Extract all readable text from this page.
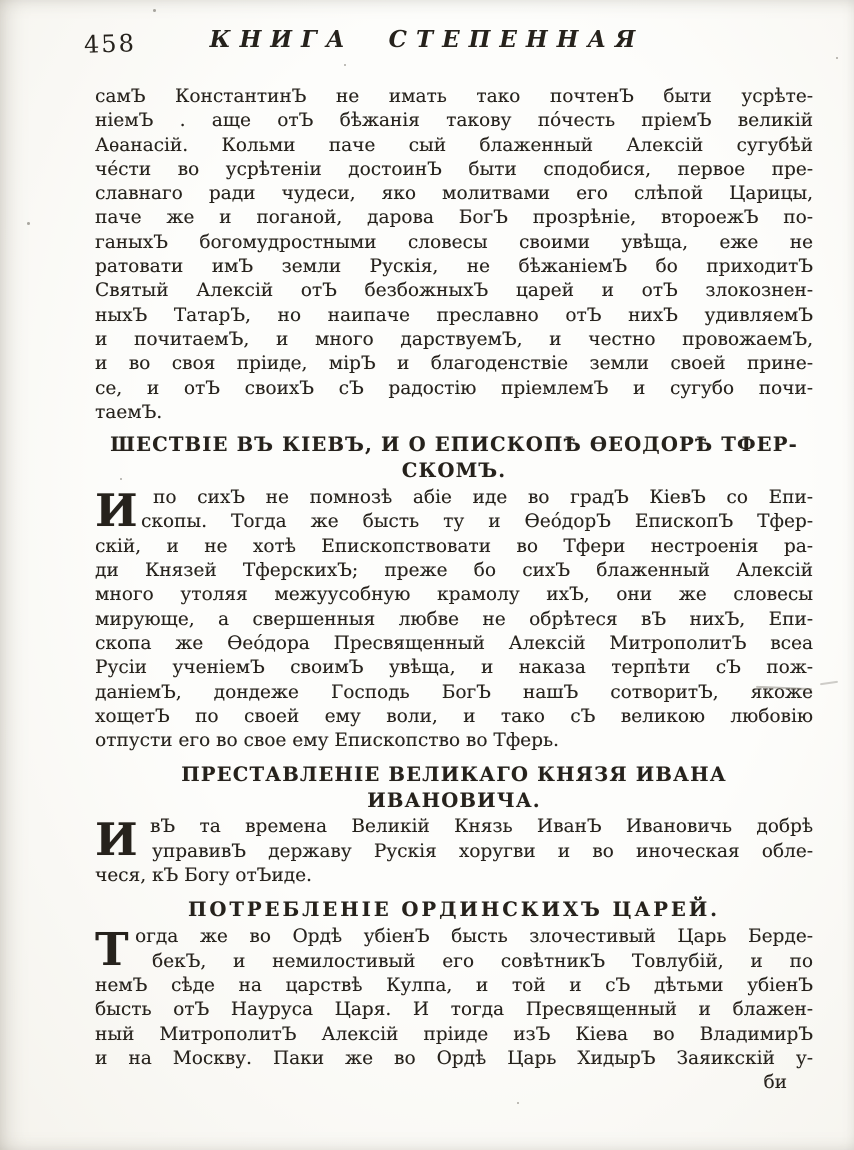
458	КНИГА СТЕПЕННАЯ
самЪ КонстантинЪ не имать тако почтенЪ быти усрѣте-
ніемЪ . аще отЪ бѣжанія такову по́честь пріемЪ великій
Аѳанасій. Кольми паче сый блаженный Алексій сугубѣй
че́сти во усрѣтеніи достоинЪ быти сподобися, первое пре-
славнаго ради чудеси, яко молитвами его слѣпой Царицы,
паче же и поганой, дарова БогЪ прозрѣніе, второежЪ по-
ганыхЪ богомудростными словесы своими увѣща, еже не
ратовати имЪ земли Рускія, не бѣжаніемЪ бо приходитЪ
Святый Алексій отЪ безбожныхЪ царей и отЪ злокознен-
ныхЪ ТатарЪ, но наипаче преславно отЪ нихЪ удивляемЪ
и почитаемЪ, и много дарствуемЪ, и честно провожаемЪ,
и во своя пріиде, мірЪ и благоденствіе земли своей прине-
се, и отЪ своихЪ сЪ радостію пріемлемЪ и сугубо почи-
таемЪ.
ШЕСТВІЕ ВЪ КІЕВЪ, И О ЕПИСКОПѢ ѲЕОДОРѢ ТФЕР-
СКОМЪ.
И по сихЪ не помнозѣ абіе иде во градЪ КіевЪ со Епи-
скопы. Тогда же бысть ту и Ѳео́дорЪ ЕпископЪ Тфер-
скій, и не хотѣ Епископствовати во Тфери нестроенія ра-
ди Князей ТферскихЪ; преже бо сихЪ блаженный Алексій
много утоляя межуусобную крамолу ихЪ, они же словесы
мирующе, а свершенныя любве не обрѣтеся вЪ нихЪ, Епи-
скопа же Ѳео́дора Пресвященный Алексій МитрополитЪ всеа
Русіи ученіемЪ своимЪ увѣща, и наказа терпѣти сЪ пож-
даніемЪ, дондеже Господь БогЪ нашЪ сотворитЪ, якоже
хощетЪ по своей ему воли, и тако сЪ великою любовію
отпусти его во свое ему Епископство во Тферь.
ПРЕСТАВЛЕНІЕ ВЕЛИКАГО КНЯЗЯ ИВАНА ИВАНОВИЧА.
И вЪ та времена Великій Князь ИванЪ Ивановичь добрѣ
управивЪ державу Рускія хоругви и во иноческая обле-
чеся, кЪ Богу отЪиде.
ПОТРЕБЛЕНІЕ ОРДИНСКИХЪ ЦАРЕЙ.
Т огда же во Ордѣ убіенЪ бысть злочестивый Царь Берде-
бекЪ, и немилостивый его совѣтникЪ Товлубій, и по
немЪ сѣде на царствѣ Кулпа, и той и сЪ дѣтьми убіенЪ
бысть отЪ Науруса Царя. И тогда Пресвященный и блажен-
ный МитрополитЪ Алексій пріиде изЪ Кіева во ВладимирЪ
и на Москву. Паки же во Ордѣ Царь ХидырЪ Заяикскій у-
би
